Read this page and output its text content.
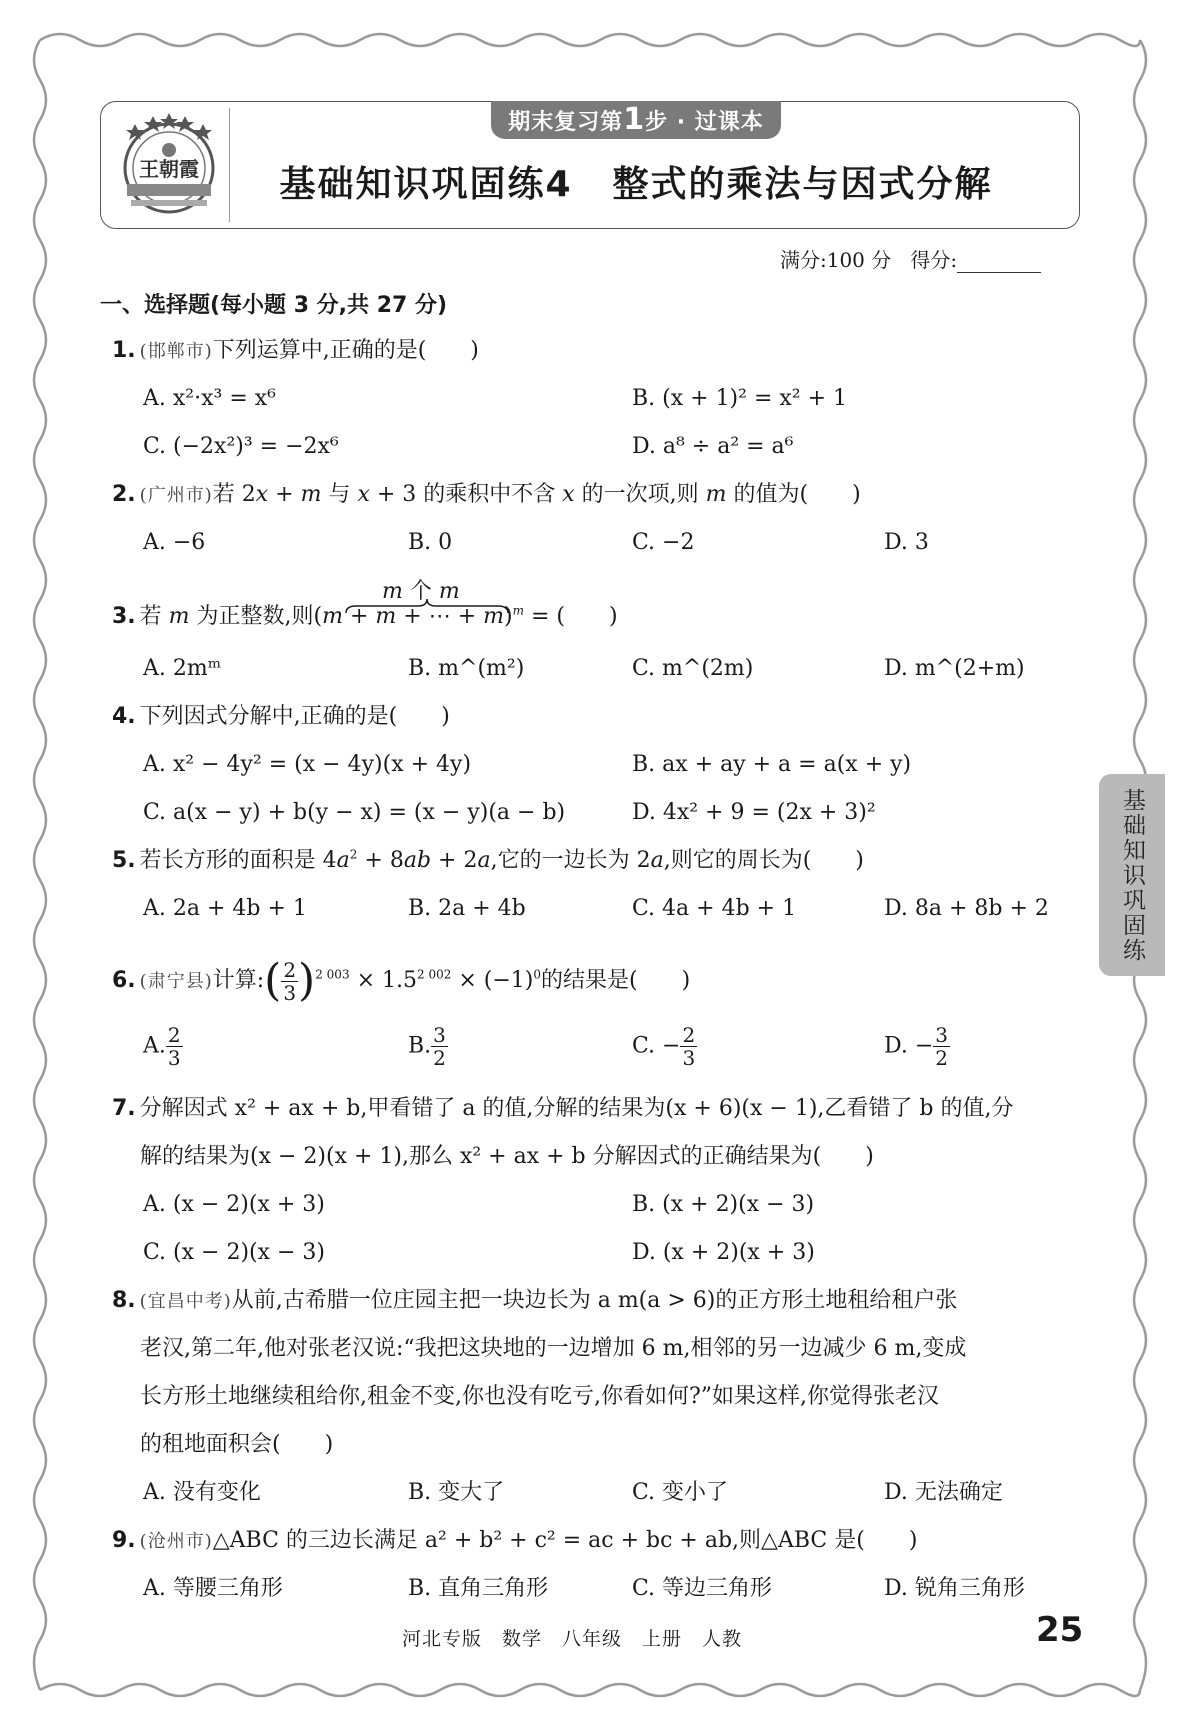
王朝霞
期末复习第1步 · 过课本
基础知识巩固练4 整式的乘法与因式分解
满分:100 分 得分:
一、选择题(每小题 3 分,共 27 分)
1. (邯郸市)下列运算中,正确的是(　　)
A. x²·x³ = x⁶	B. (x + 1)² = x² + 1
C. (−2x²)³ = −2x⁶	D. a⁸ ÷ a² = a⁶
2. (广州市)若 2x + m 与 x + 3 的乘积中不含 x 的一次项,则 m 的值为(　　)
A. −6	B. 0	C. −2	D. 3
m 个 m
3. 若 m 为正整数,则(m + m + ⋯ + m)$^m$ = (　　)
A. 2mᵐ	B. m^(m²)	C. m^(2m)	D. m^(2+m)
4. 下列因式分解中,正确的是(　　)
A. x² − 4y² = (x − 4y)(x + 4y)	B. ax + ay + a = a(x + y)
C. a(x − y) + b(y − x) = (x − y)(a − b)	D. 4x² + 9 = (2x + 3)²
5. 若长方形的面积是 $4a^2 + 8ab + 2a$,它的一边长为 2a,则它的周长为(　　)
A. 2a + 4b + 1	B. 2a + 4b	C. 4a + 4b + 1	D. 8a + 8b + 2
6. (肃宁县)计算:( $\frac{2}{3} )^{2 003} \times 1.5^{2 002} \times (-1)^0$的结果是(　　)
A. $\frac{2}{3}$	B. $\frac{3}{2}$	C. − $\frac{2}{3}$	D. − $\frac{3}{2}$
7. 分解因式 x² + ax + b,甲看错了 a 的值,分解的结果为(x + 6)(x − 1),乙看错了 b 的值,分
解的结果为(x − 2)(x + 1),那么 x² + ax + b 分解因式的正确结果为(　　)
A. (x − 2)(x + 3)	B. (x + 2)(x − 3)
C. (x − 2)(x − 3)	D. (x + 2)(x + 3)
8. (宜昌中考)从前,古希腊一位庄园主把一块边长为 a m(a > 6)的正方形土地租给租户张
老汉,第二年,他对张老汉说:“我把这块地的一边增加 6 m,相邻的另一边减少 6 m,变成
长方形土地继续租给你,租金不变,你也没有吃亏,你看如何?”如果这样,你觉得张老汉
的租地面积会(　　)
A. 没有变化	B. 变大了	C. 变小了	D. 无法确定
9. (沧州市)△ABC 的三边长满足 a² + b² + c² = ac + bc + ab,则△ABC 是(　　)
A. 等腰三角形	B. 直角三角形	C. 等边三角形	D. 锐角三角形
基础知识巩固练
河北专版　数学　八年级　上册　人教	25
